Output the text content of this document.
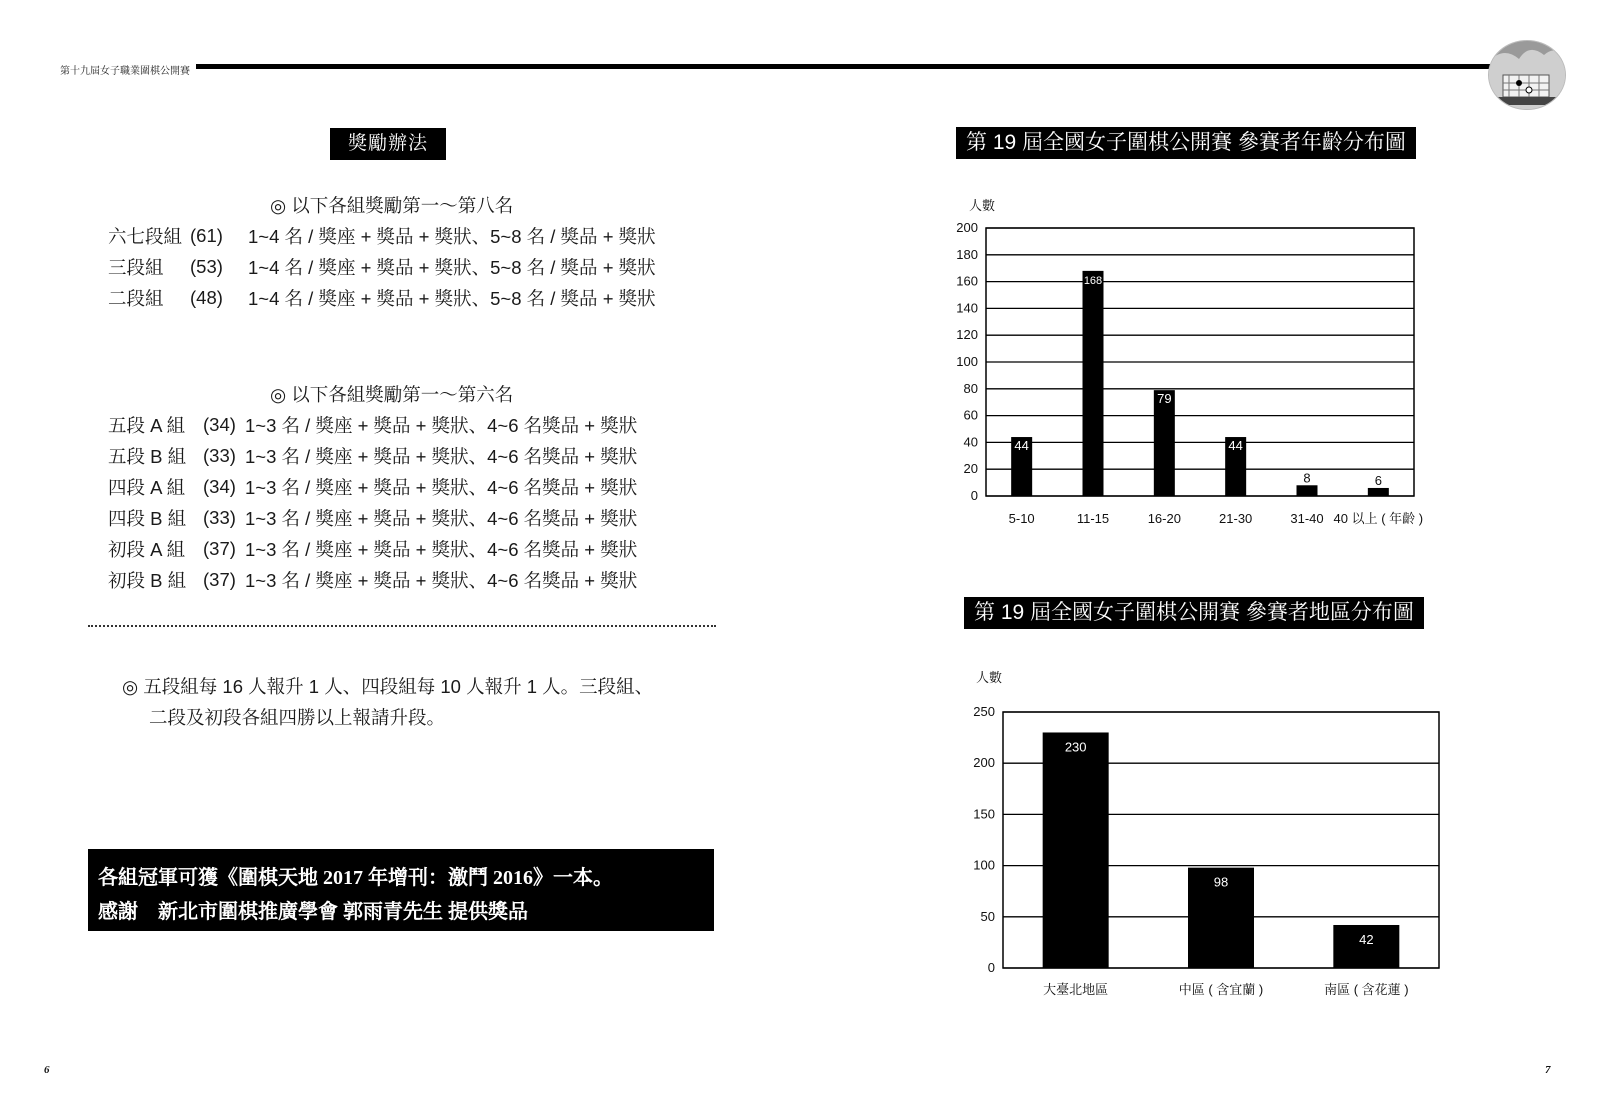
第十九屆女子職業圍棋公開賽
獎勵辦法
◎ 以下各組獎勵第一～第八名
六七段組 (61)	1~4 名 / 獎座 + 獎品 + 獎狀、5~8 名 / 獎品 + 獎狀
三段組	(53)	1~4 名 / 獎座 + 獎品 + 獎狀、5~8 名 / 獎品 + 獎狀
二段組	(48)	1~4 名 / 獎座 + 獎品 + 獎狀、5~8 名 / 獎品 + 獎狀
◎ 以下各組獎勵第一～第六名
五段 A 組 (34) 1~3 名 / 獎座 + 獎品 + 獎狀、4~6 名獎品 + 獎狀
五段 B 組 (33) 1~3 名 / 獎座 + 獎品 + 獎狀、4~6 名獎品 + 獎狀
四段 A 組 (34) 1~3 名 / 獎座 + 獎品 + 獎狀、4~6 名獎品 + 獎狀
四段 B 組 (33) 1~3 名 / 獎座 + 獎品 + 獎狀、4~6 名獎品 + 獎狀
初段 A 組 (37) 1~3 名 / 獎座 + 獎品 + 獎狀、4~6 名獎品 + 獎狀
初段 B 組 (37) 1~3 名 / 獎座 + 獎品 + 獎狀、4~6 名獎品 + 獎狀
◎ 五段組每 16 人報升 1 人、四段組每 10 人報升 1 人。三段組、
二段及初段各組四勝以上報請升段。
各組冠軍可獲《圍棋天地 2017 年增刊：激鬥 2016》一本。
感謝　新北市圍棋推廣學會 郭雨青先生 提供獎品
6
第 19 屆全國女子圍棋公開賽 參賽者年齡分布圖
人數
0
20
40
60
80
100
120
140
160
180
200
44
168
79
44
8	6
5-10	11-15	16-20	21-30	31-40 40 以上 ( 年齡 )
第 19 屆全國女子圍棋公開賽 參賽者地區分布圖
人數
0
50
100
150
200
250
230
98
42
大臺北地區	中區 ( 含宜蘭 )	南區 ( 含花蓮 )
7
